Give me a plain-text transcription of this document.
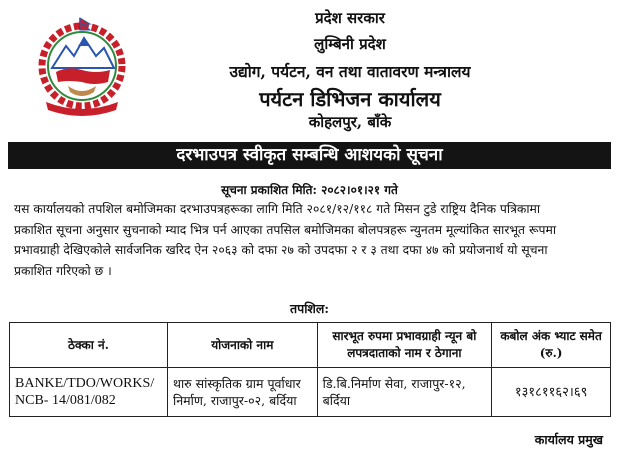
प्रदेश सरकार
लुम्बिनी प्रदेश
उद्योग, पर्यटन, वन तथा वातावरण मन्त्रालय
पर्यटन डिभिजन कार्यालय
कोहलपुर, बाँके
दरभाउपत्र स्वीकृत सम्बन्धि आशयको सूचना
सूचना प्रकाशित मिति: २०८२।०१।२१ गते
यस कार्यालयको तपशिल बमोजिमका दरभाउपत्रहरूका लागि मिति २०८१/१२/११८ गते मिसन टुडे राष्ट्रिय दैनिक पत्रिकामा
प्रकाशित सूचना अनुसार सुचनाको म्याद भित्र पर्न आएका तपसिल बमोजिमका बोलपत्रहरू न्युनतम मूल्यांकित सारभूत रूपमा
प्रभावग्राही देखिएकोले सार्वजनिक खरिद ऐन २०६३ को दफा २७ को उपदफा २ र ३ तथा दफा ४७ को प्रयोजनार्थ यो सूचना
प्रकाशित गरिएको छ ।
तपशिल:
ठेक्का नं.	योजनाको नाम	सारभूत रुपमा प्रभावग्राही न्यून बो लपत्रदाताको नाम र ठेगाना	कबोल अंक भ्याट समेत (रु.)
BANKE/TDO/WORKS/ NCB- 14/081/082	थारु सांस्कृतिक ग्राम पूर्वाधार निर्माण, राजापुर-०२, बर्दिया	डि.बि.निर्माण सेवा, राजापुर-१२, बर्दिया	१३१८११६२।६९
कार्यालय प्रमुख
